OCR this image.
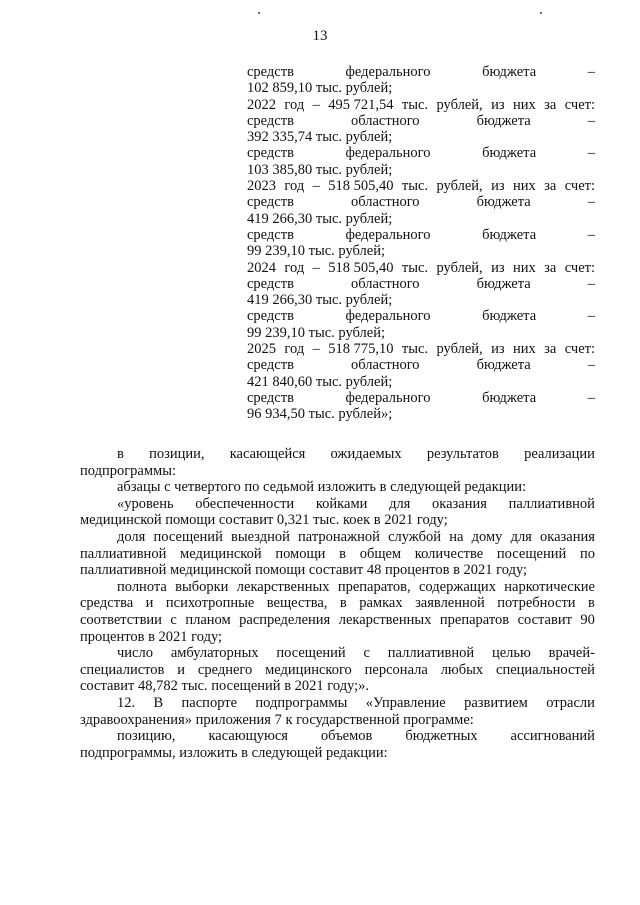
13
средств	федерального	бюджета	–
102 859,10 тыс. рублей;
2022 год – 495 721,54 тыс. рублей, из них за счет:
средств	областного	бюджета	–
392 335,74 тыс. рублей;
средств	федерального	бюджета	–
103 385,80 тыс. рублей;
2023 год – 518 505,40 тыс. рублей, из них за счет:
средств	областного	бюджета	–
419 266,30 тыс. рублей;
средств	федерального	бюджета	–
99 239,10 тыс. рублей;
2024 год – 518 505,40 тыс. рублей, из них за счет:
средств	областного	бюджета	–
419 266,30 тыс. рублей;
средств	федерального	бюджета	–
99 239,10 тыс. рублей;
2025 год – 518 775,10 тыс. рублей, из них за счет:
средств	областного	бюджета	–
421 840,60 тыс. рублей;
средств	федерального	бюджета	–
96 934,50 тыс. рублей»;
в позиции, касающейся ожидаемых результатов реализации
подпрограммы:
абзацы с четвертого по седьмой изложить в следующей редакции:
«уровень обеспеченности койками для оказания паллиативной
медицинской помощи составит 0,321 тыс. коек в 2021 году;
доля посещений выездной патронажной службой на дому для оказания
паллиативной медицинской помощи в общем количестве посещений по
паллиативной медицинской помощи составит 48 процентов в 2021 году;
полнота выборки лекарственных препаратов, содержащих наркотические
средства и психотропные вещества, в рамках заявленной потребности в
соответствии с планом распределения лекарственных препаратов составит 90
процентов в 2021 году;
число амбулаторных посещений с паллиативной целью врачей-
специалистов и среднего медицинского персонала любых специальностей
составит 48,782 тыс. посещений в 2021 году;».
12. В паспорте подпрограммы «Управление развитием отрасли
здравоохранения» приложения 7 к государственной программе:
позицию, касающуюся объемов бюджетных ассигнований
подпрограммы, изложить в следующей редакции:
